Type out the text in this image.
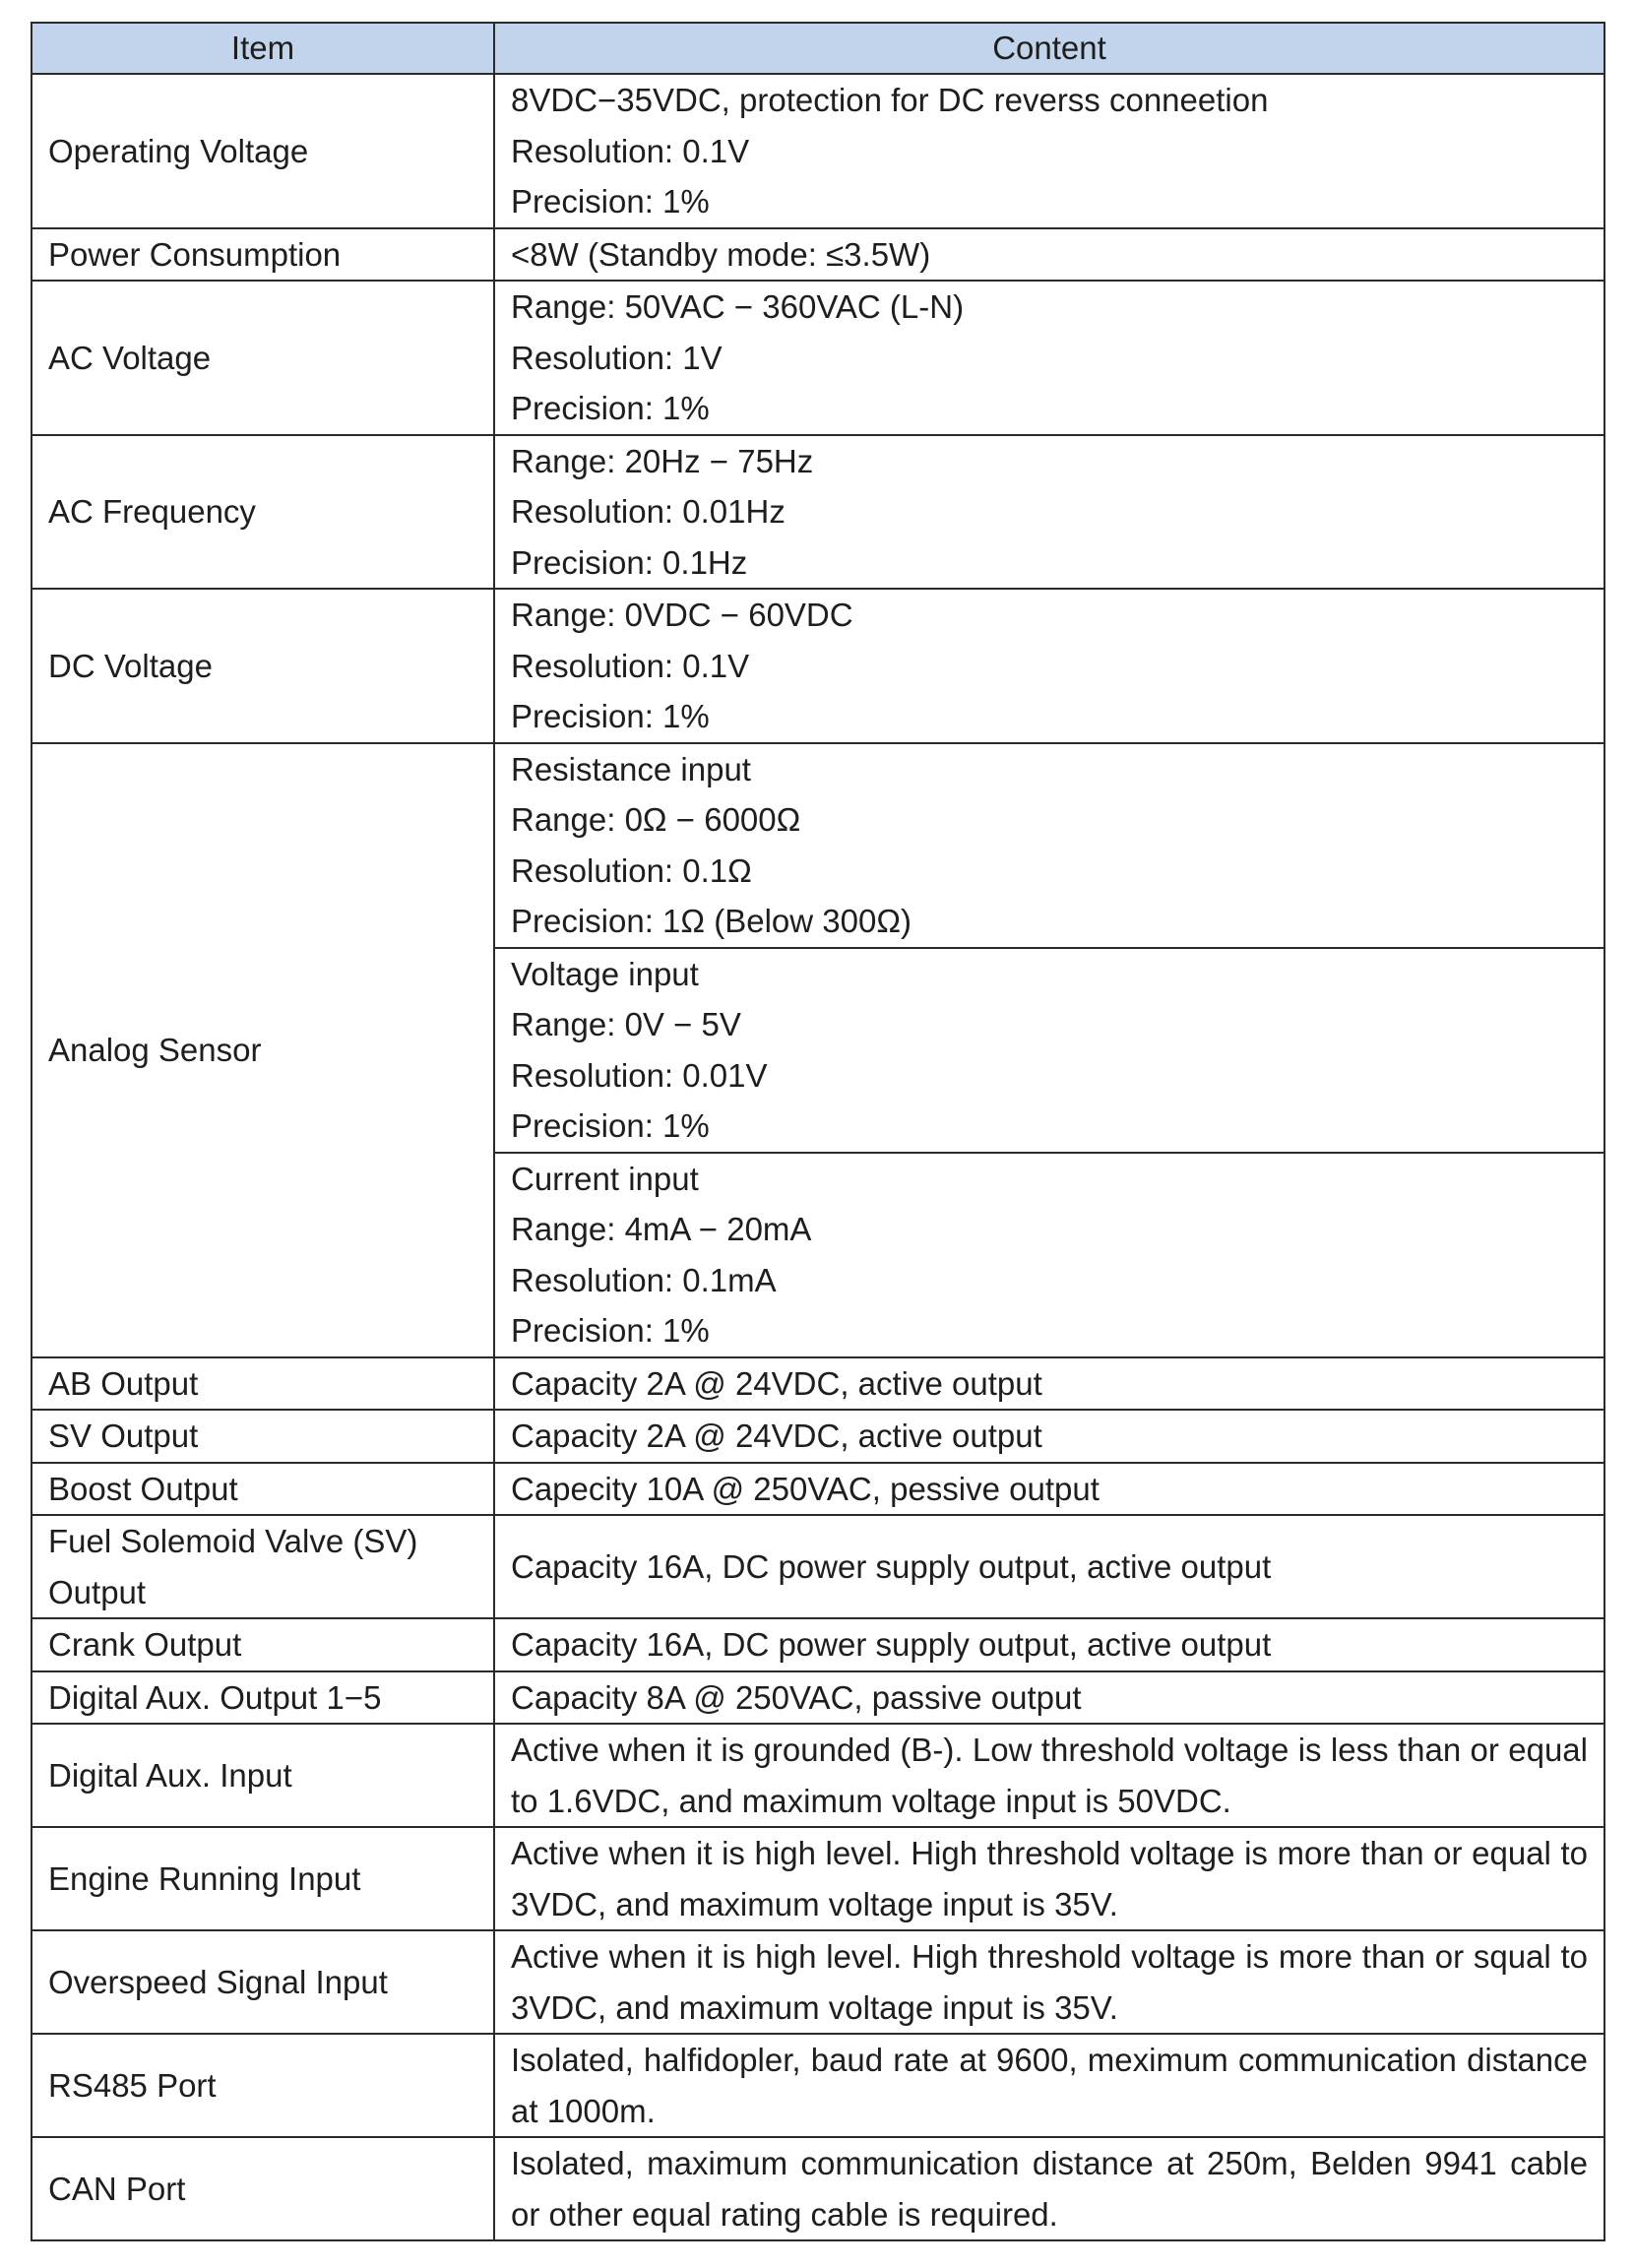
Item	Content
Operating Voltage	8VDC−35VDC, protection for DC reverss conneetion
Resolution: 0.1V
Precision: 1%

Power Consumption	<8W (Standby mode: ≤3.5W)

AC Voltage	Range: 50VAC − 360VAC (L-N)
Resolution: 1V
Precision: 1%

AC Frequency	Range: 20Hz − 75Hz
Resolution: 0.01Hz
Precision: 0.1Hz

DC Voltage	Range: 0VDC − 60VDC
Resolution: 0.1V
Precision: 1%

Analog Sensor	Resistance input
Range: 0Ω − 6000Ω
Resolution: 0.1Ω
Precision: 1Ω (Below 300Ω)

	Voltage input
Range: 0V − 5V
Resolution: 0.01V
Precision: 1%

	Current input
Range: 4mA − 20mA
Resolution: 0.1mA
Precision: 1%

AB Output	Capacity 2A @ 24VDC, active output

SV Output	Capacity 2A @ 24VDC, active output

Boost Output	Capecity 10A @ 250VAC, pessive output

Fuel Solemoid Valve (SV) Output	Capacity 16A, DC power supply output, active output

Crank Output	Capacity 16A, DC power supply output, active output

Digital Aux. Output 1−5	Capacity 8A @ 250VAC, passive output

Digital Aux. Input	Active when it is grounded (B-). Low threshold voltage is less than or equal to 1.6VDC, and maximum voltage input is 50VDC.
Engine Running Input	Active when it is high level. High threshold voltage is more than or equal to 3VDC, and maximum voltage input is 35V.
Overspeed Signal Input	Active when it is high level. High threshold voltage is more than or squal to 3VDC, and maximum voltage input is 35V.
RS485 Port	Isolated, halfidopler, baud rate at 9600, meximum communication distance at 1000m.
CAN Port	Isolated, maximum communication distance at 250m, Belden 9941 cable or other equal rating cable is required.
